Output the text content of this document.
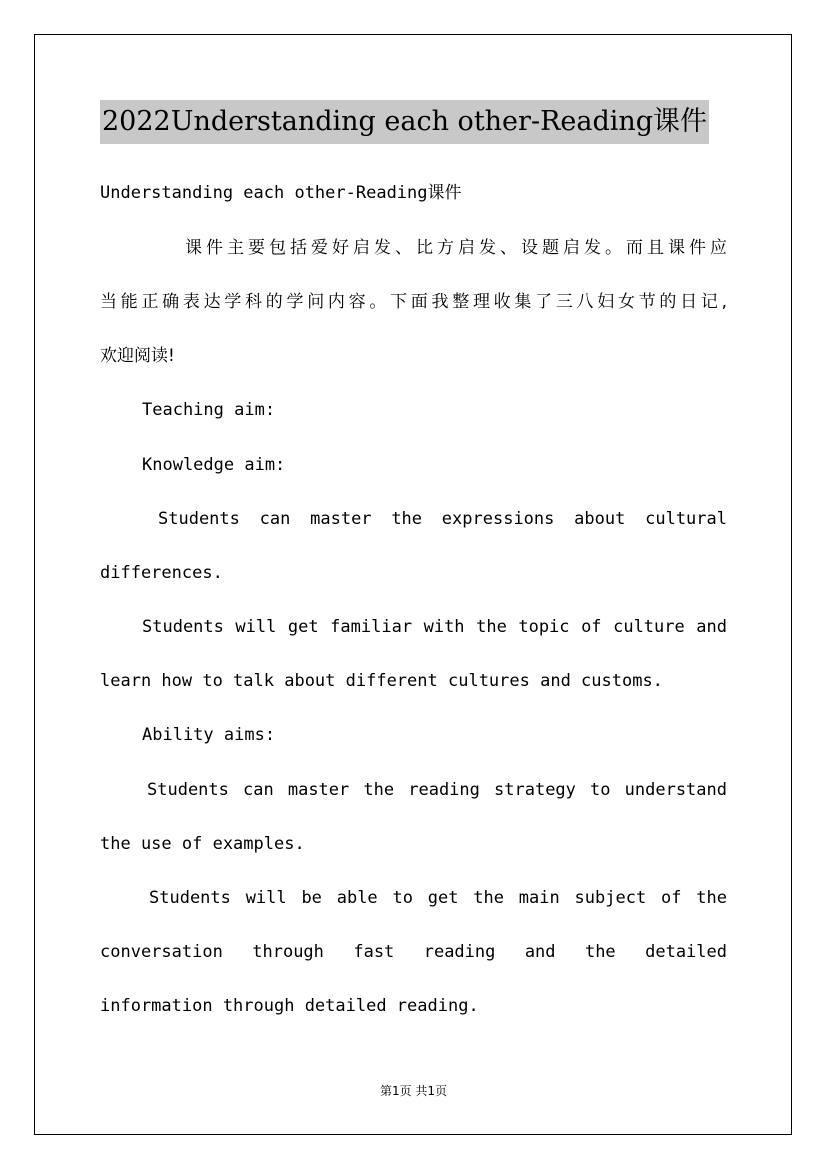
2022Understanding each other-Reading课件
Understanding each other-Reading课件
课件主要包括爱好启发、比方启发、设题启发。而且课件应
当能正确表达学科的学问内容。下面我整理收集了三八妇女节的日记,
欢迎阅读!
Teaching aim:
Knowledge aim:
Students can master the expressions about cultural
differences.
Students will get familiar with the topic of culture and
learn how to talk about different cultures and customs.
Ability aims:
Students can master the reading strategy to understand
the use of examples.
Students will be able to get the main subject of the
conversation through fast reading and the detailed
information through detailed reading.
第1页 共1页
